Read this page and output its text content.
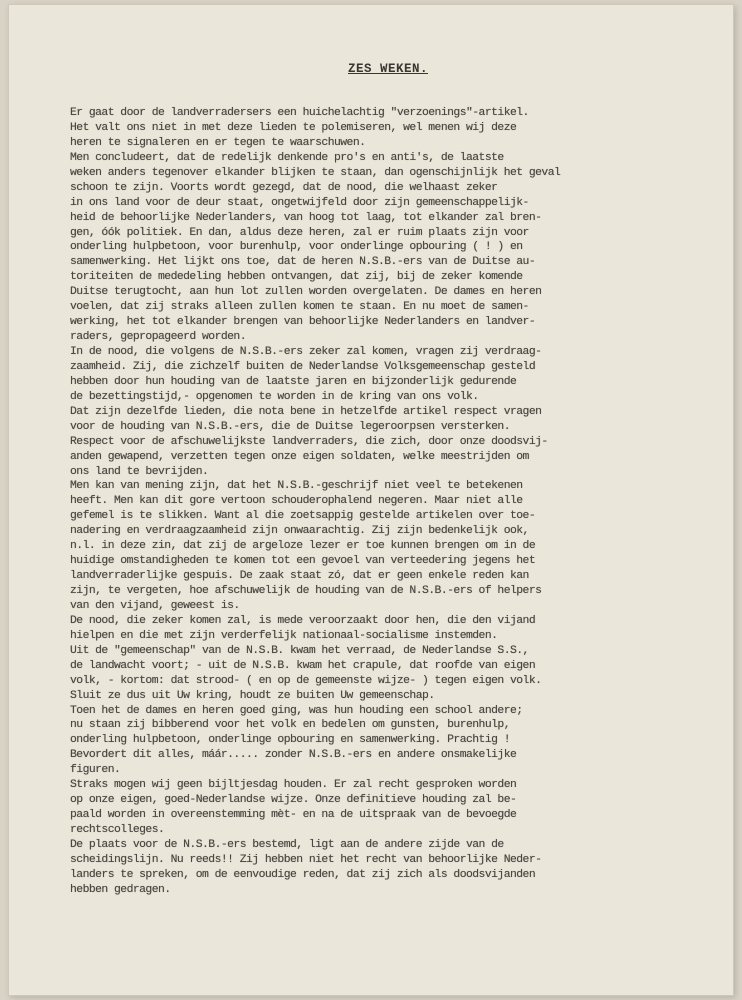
ZES WEKEN.
Er gaat door de landverradersers een huichelachtig "verzoenings"-artikel.
Het valt ons niet in met deze lieden te polemiseren, wel menen wij deze
heren te signaleren en er tegen te waarschuwen.
Men concludeert, dat de redelijk denkende pro's en anti's, de laatste
weken anders tegenover elkander blijken te staan, dan ogenschijnlijk het geval
schoon te zijn. Voorts wordt gezegd, dat de nood, die welhaast zeker
in ons land voor de deur staat, ongetwijfeld door zijn gemeenschappelijk-
heid de behoorlijke Nederlanders, van hoog tot laag, tot elkander zal bren-
gen, óók politiek. En dan, aldus deze heren, zal er ruim plaats zijn voor
onderling hulpbetoon, voor burenhulp, voor onderlinge opbouring ( ! ) en
samenwerking. Het lijkt ons toe, dat de heren N.S.B.-ers van de Duitse au-
toriteiten de mededeling hebben ontvangen, dat zij, bij de zeker komende
Duitse terugtocht, aan hun lot zullen worden overgelaten. De dames en heren
voelen, dat zij straks alleen zullen komen te staan. En nu moet de samen-
werking, het tot elkander brengen van behoorlijke Nederlanders en landver-
raders, gepropageerd worden.
In de nood, die volgens de N.S.B.-ers zeker zal komen, vragen zij verdraag-
zaamheid. Zij, die zichzelf buiten de Nederlandse Volksgemeenschap gesteld
hebben door hun houding van de laatste jaren en bijzonderlijk gedurende
de bezettingstijd,- opgenomen te worden in de kring van ons volk.
Dat zijn dezelfde lieden, die nota bene in hetzelfde artikel respect vragen
voor de houding van N.S.B.-ers, die de Duitse legeroorpsen versterken.
Respect voor de afschuwelijkste landverraders, die zich, door onze doodsvij-
anden gewapend, verzetten tegen onze eigen soldaten, welke meestrijden om
ons land te bevrijden.
Men kan van mening zijn, dat het N.S.B.-geschrijf niet veel te betekenen
heeft. Men kan dit gore vertoon schouderophalend negeren. Maar niet alle
gefemel is te slikken. Want al die zoetsappig gestelde artikelen over toe-
nadering en verdraagzaamheid zijn onwaarachtig. Zij zijn bedenkelijk ook,
n.l. in deze zin, dat zij de argeloze lezer er toe kunnen brengen om in de
huidige omstandigheden te komen tot een gevoel van verteedering jegens het
landverraderlijke gespuis. De zaak staat zó, dat er geen enkele reden kan
zijn, te vergeten, hoe afschuwelijk de houding van de N.S.B.-ers of helpers
van den vijand, geweest is.
De nood, die zeker komen zal, is mede veroorzaakt door hen, die den vijand
hielpen en die met zijn verderfelijk nationaal-socialisme instemden.
Uit de "gemeenschap" van de N.S.B. kwam het verraad, de Nederlandse S.S.,
de landwacht voort; - uit de N.S.B. kwam het crapule, dat roofde van eigen
volk, - kortom: dat strood- ( en op de gemeenste wijze- ) tegen eigen volk.
Sluit ze dus uit Uw kring, houdt ze buiten Uw gemeenschap.
Toen het de dames en heren goed ging, was hun houding een school andere;
nu staan zij bibberend voor het volk en bedelen om gunsten, burenhulp,
onderling hulpbetoon, onderlinge opbouring en samenwerking. Prachtig !
Bevordert dit alles, máár..... zonder N.S.B.-ers en andere onsmakelijke
figuren.
Straks mogen wij geen bijltjesdag houden. Er zal recht gesproken worden
op onze eigen, goed-Nederlandse wijze. Onze definitieve houding zal be-
paald worden in overeenstemming mèt- en na de uitspraak van de bevoegde
rechtscolleges.
De plaats voor de N.S.B.-ers bestemd, ligt aan de andere zijde van de
scheidingslijn. Nu reeds!! Zij hebben niet het recht van behoorlijke Neder-
landers te spreken, om de eenvoudige reden, dat zij zich als doodsvijanden
hebben gedragen.
